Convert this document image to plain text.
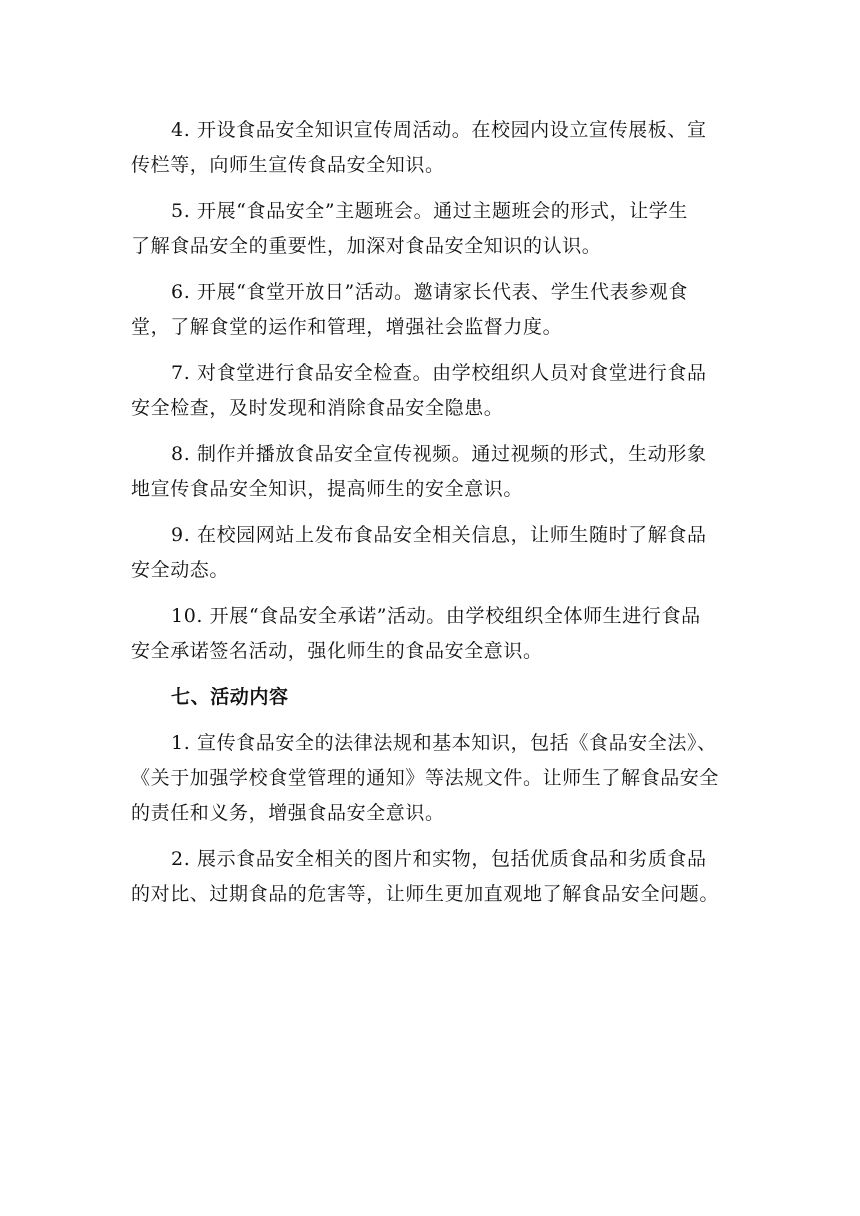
4. 开设食品安全知识宣传周活动。在校园内设立宣传展板、宣
传栏等，向师生宣传食品安全知识。

5. 开展“食品安全”主题班会。通过主题班会的形式，让学生
了解食品安全的重要性，加深对食品安全知识的认识。

6. 开展“食堂开放日”活动。邀请家长代表、学生代表参观食
堂，了解食堂的运作和管理，增强社会监督力度。

7. 对食堂进行食品安全检查。由学校组织人员对食堂进行食品
安全检查，及时发现和消除食品安全隐患。

8. 制作并播放食品安全宣传视频。通过视频的形式，生动形象
地宣传食品安全知识，提高师生的安全意识。

9. 在校园网站上发布食品安全相关信息，让师生随时了解食品
安全动态。

10. 开展“食品安全承诺”活动。由学校组织全体师生进行食品
安全承诺签名活动，强化师生的食品安全意识。

七、活动内容

1. 宣传食品安全的法律法规和基本知识，包括《食品安全法》、
《关于加强学校食堂管理的通知》等法规文件。让师生了解食品安全
的责任和义务，增强食品安全意识。

2. 展示食品安全相关的图片和实物，包括优质食品和劣质食品
的对比、过期食品的危害等，让师生更加直观地了解食品安全问题。
